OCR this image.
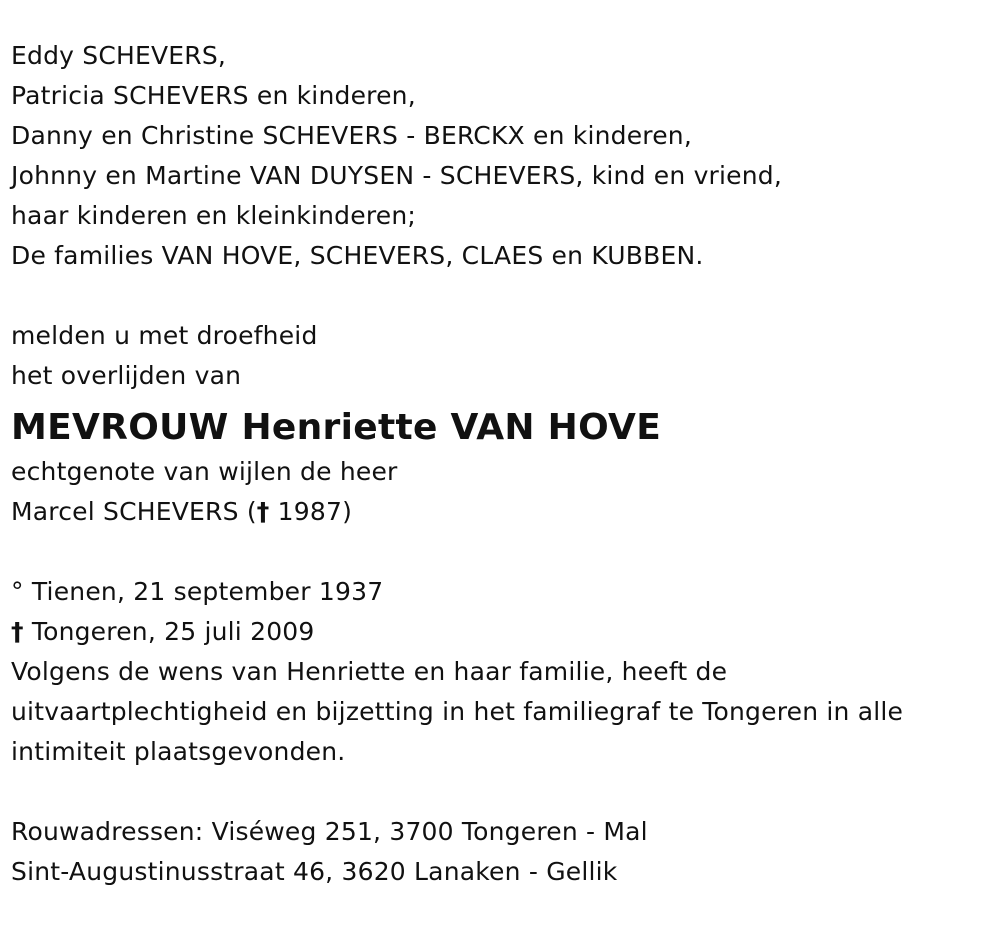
Eddy SCHEVERS,
Patricia SCHEVERS en kinderen,
Danny en Christine SCHEVERS - BERCKX en kinderen,
Johnny en Martine VAN DUYSEN - SCHEVERS, kind en vriend,
haar kinderen en kleinkinderen;
De families VAN HOVE, SCHEVERS, CLAES en KUBBEN.
melden u met droefheid
het overlijden van
MEVROUW Henriette VAN HOVE
echtgenote van wijlen de heer
Marcel SCHEVERS († 1987)
° Tienen, 21 september 1937
† Tongeren, 25 juli 2009
Volgens de wens van Henriette en haar familie, heeft de
uitvaartplechtigheid en bijzetting in het familiegraf te Tongeren in alle
intimiteit plaatsgevonden.
Rouwadressen: Viséweg 251, 3700 Tongeren - Mal
Sint-Augustinusstraat 46, 3620 Lanaken - Gellik
